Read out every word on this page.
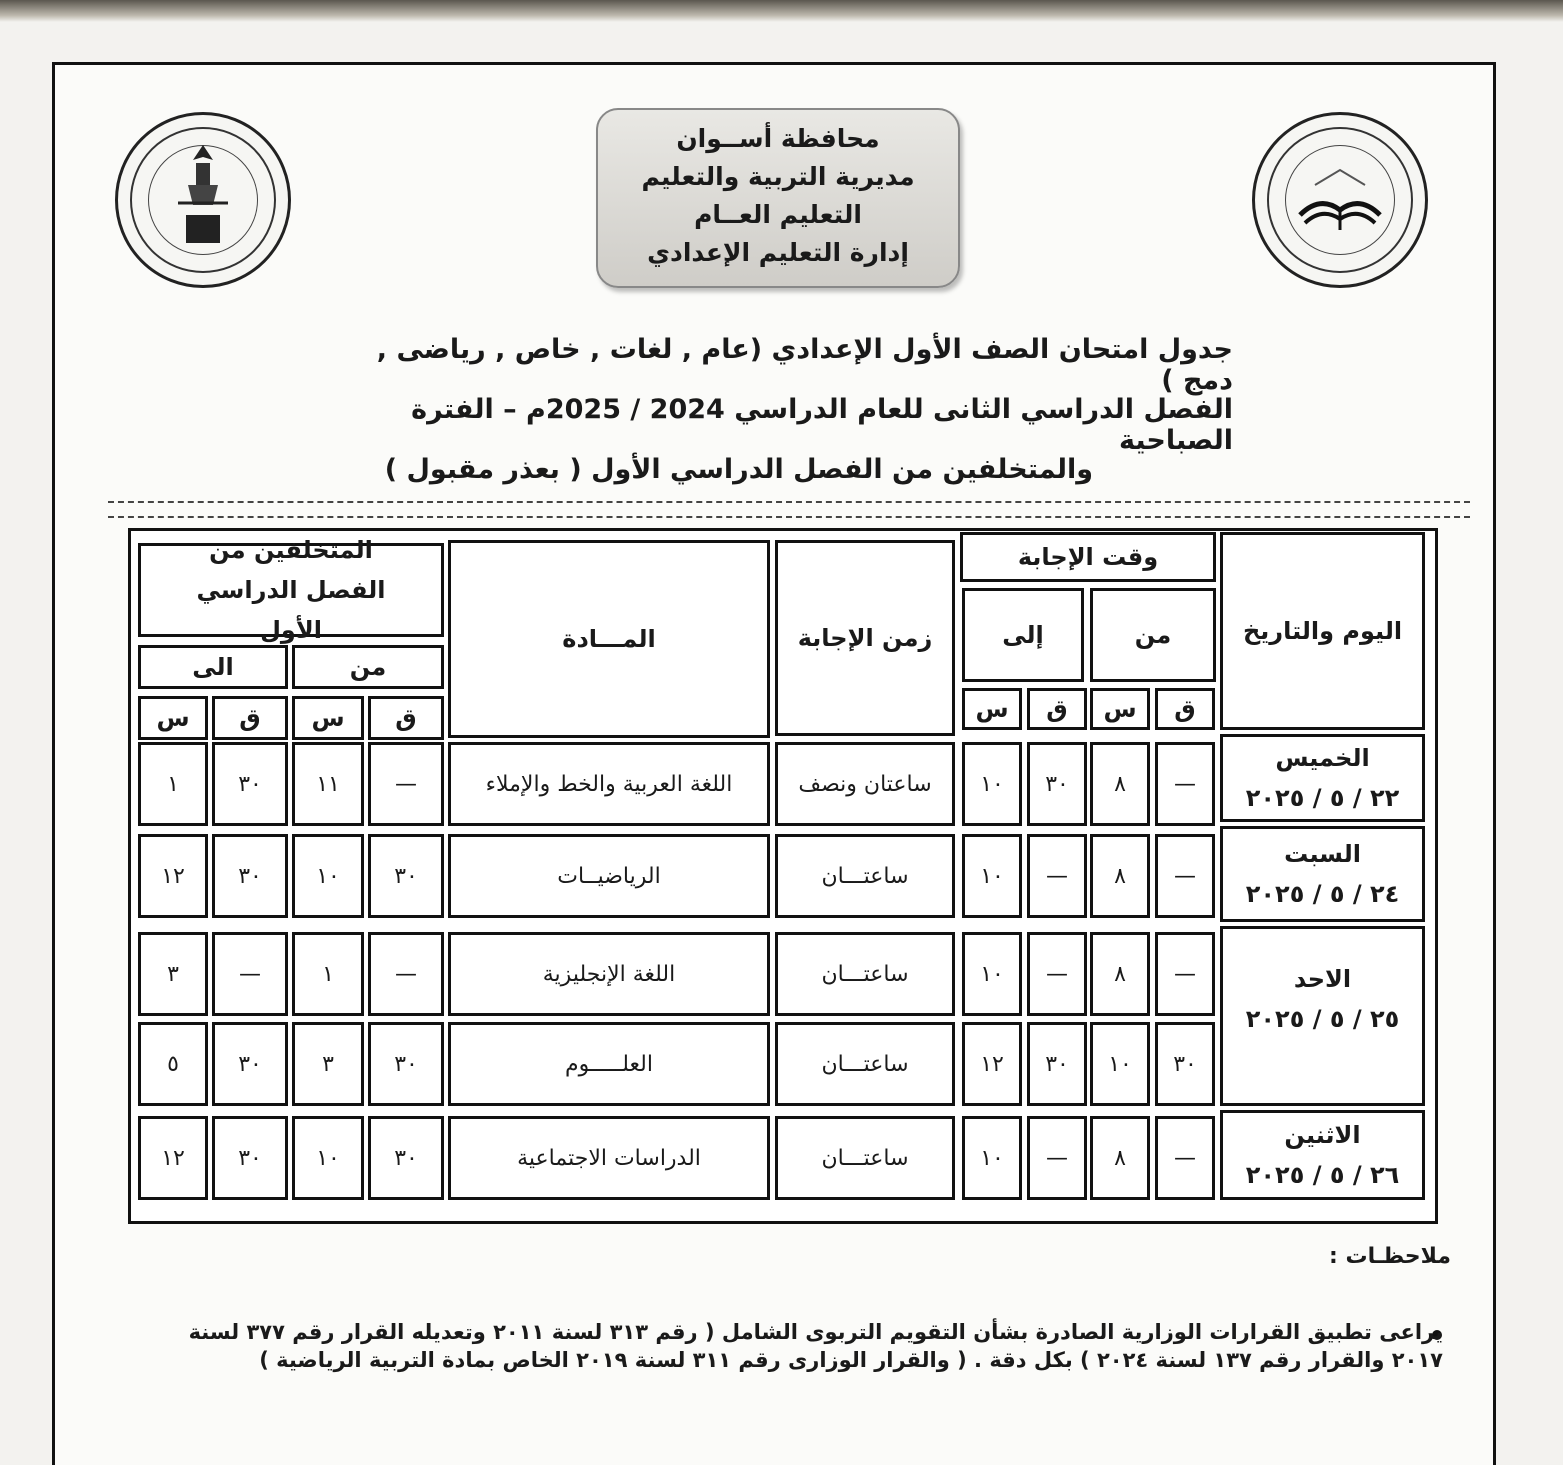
محافظة أســوان
مديرية التربية والتعليم
التعليم العــام
إدارة التعليم الإعدادي
جدول امتحان الصف الأول الإعدادي (عام , لغات , خاص , رياضى , دمج )
الفصل الدراسي الثانى للعام الدراسي 2024 / 2025م – الفترة الصباحية
والمتخلفين من الفصل الدراسي الأول ( بعذر مقبول )
اليوم والتاريخ
وقت الإجابة
من
إلى
ق
س
ق
س
زمن الإجابة
المـــادة
المتخلفين من الفصل الدراسي الأول
من
الى
ق
س
ق
س
الخميس
٢٢ / ٥ / ٢٠٢٥
السبت
٢٤ / ٥ / ٢٠٢٥
الاحد
٢٥ / ٥ / ٢٠٢٥
الاثنين
٢٦ / ٥ / ٢٠٢٥
—
٨
٣٠
١٠
ساعتان ونصف
اللغة العربية والخط والإملاء
—
١١
٣٠
١
—
٨
—
١٠
ساعتـــان
الرياضيــات
٣٠
١٠
٣٠
١٢
—
٨
—
١٠
ساعتـــان
اللغة الإنجليزية
—
١
—
٣
٣٠
١٠
٣٠
١٢
ساعتـــان
العلـــــوم
٣٠
٣
٣٠
٥
—
٨
—
١٠
ساعتـــان
الدراسات الاجتماعية
٣٠
١٠
٣٠
١٢
ملاحظـات :
يراعى تطبيق القرارات الوزارية الصادرة بشأن التقويم التربوى الشامل ( رقم ٣١٣ لسنة ٢٠١١ وتعديله القرار رقم ٣٧٧ لسنة ٢٠١٧ والقرار رقم ١٣٧ لسنة ٢٠٢٤ ) بكل دقة . ( والقرار الوزارى رقم ٣١١ لسنة ٢٠١٩ الخاص بمادة التربية الرياضية )
